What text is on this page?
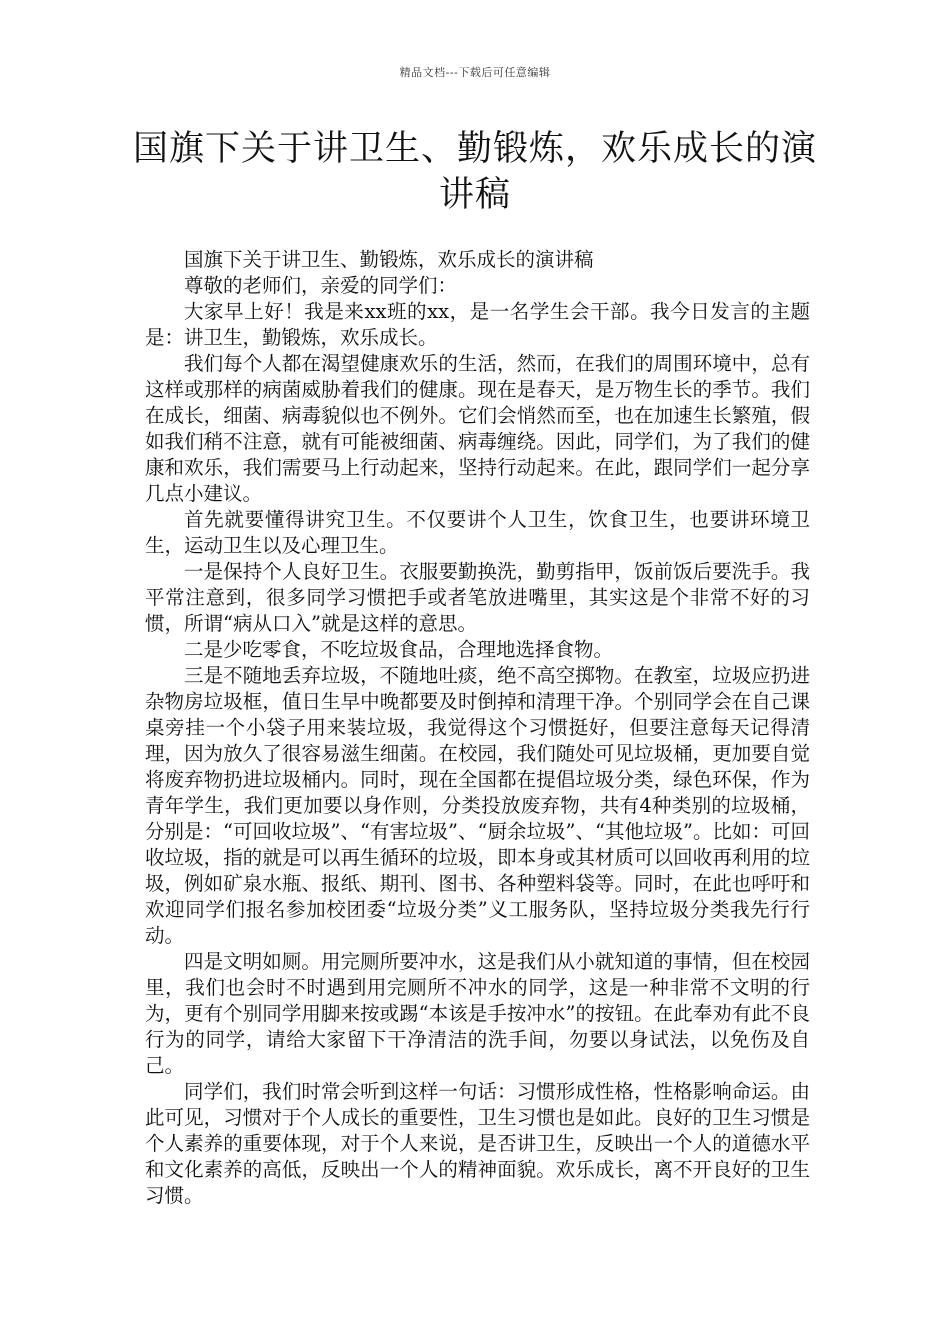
精品文档---下载后可任意编辑
国旗下关于讲卫生、勤锻炼，欢乐成长的演讲稿

国旗下关于讲卫生、勤锻炼，欢乐成长的演讲稿

尊敬的老师们，亲爱的同学们：

大家早上好！我是来xx班的xx，是一名学生会干部。我今日发言的主题是：讲卫生，勤锻炼，欢乐成长。

我们每个人都在渴望健康欢乐的生活，然而，在我们的周围环境中，总有这样或那样的病菌威胁着我们的健康。现在是春天，是万物生长的季节。我们在成长，细菌、病毒貌似也不例外。它们会悄然而至，也在加速生长繁殖，假如我们稍不注意，就有可能被细菌、病毒缠绕。因此，同学们，为了我们的健康和欢乐，我们需要马上行动起来，坚持行动起来。在此，跟同学们一起分享几点小建议。

首先就要懂得讲究卫生。不仅要讲个人卫生，饮食卫生，也要讲环境卫生，运动卫生以及心理卫生。

一是保持个人良好卫生。衣服要勤换洗，勤剪指甲，饭前饭后要洗手。我平常注意到，很多同学习惯把手或者笔放进嘴里，其实这是个非常不好的习惯，所谓“病从口入”就是这样的意思。

二是少吃零食，不吃垃圾食品，合理地选择食物。

三是不随地丢弃垃圾，不随地吐痰，绝不高空掷物。在教室，垃圾应扔进杂物房垃圾框，值日生早中晚都要及时倒掉和清理干净。个别同学会在自己课桌旁挂一个小袋子用来装垃圾，我觉得这个习惯挺好，但要注意每天记得清理，因为放久了很容易滋生细菌。在校园，我们随处可见垃圾桶，更加要自觉将废弃物扔进垃圾桶内。同时，现在全国都在提倡垃圾分类，绿色环保，作为青年学生，我们更加要以身作则，分类投放废弃物，共有4种类别的垃圾桶，分别是：“可回收垃圾”、“有害垃圾”、“厨余垃圾”、“其他垃圾”。比如：可回收垃圾，指的就是可以再生循环的垃圾，即本身或其材质可以回收再利用的垃圾，例如矿泉水瓶、报纸、期刊、图书、各种塑料袋等。同时，在此也呼吁和欢迎同学们报名参加校团委“垃圾分类”义工服务队，坚持垃圾分类我先行行动。

四是文明如厕。用完厕所要冲水，这是我们从小就知道的事情，但在校园里，我们也会时不时遇到用完厕所不冲水的同学，这是一种非常不文明的行为，更有个别同学用脚来按或踢“本该是手按冲水”的按钮。在此奉劝有此不良行为的同学，请给大家留下干净清洁的洗手间，勿要以身试法，以免伤及自己。

同学们，我们时常会听到这样一句话：习惯形成性格，性格影响命运。由此可见，习惯对于个人成长的重要性，卫生习惯也是如此。良好的卫生习惯是个人素养的重要体现，对于个人来说，是否讲卫生，反映出一个人的道德水平和文化素养的高低，反映出一个人的精神面貌。欢乐成长，离不开良好的卫生习惯。
